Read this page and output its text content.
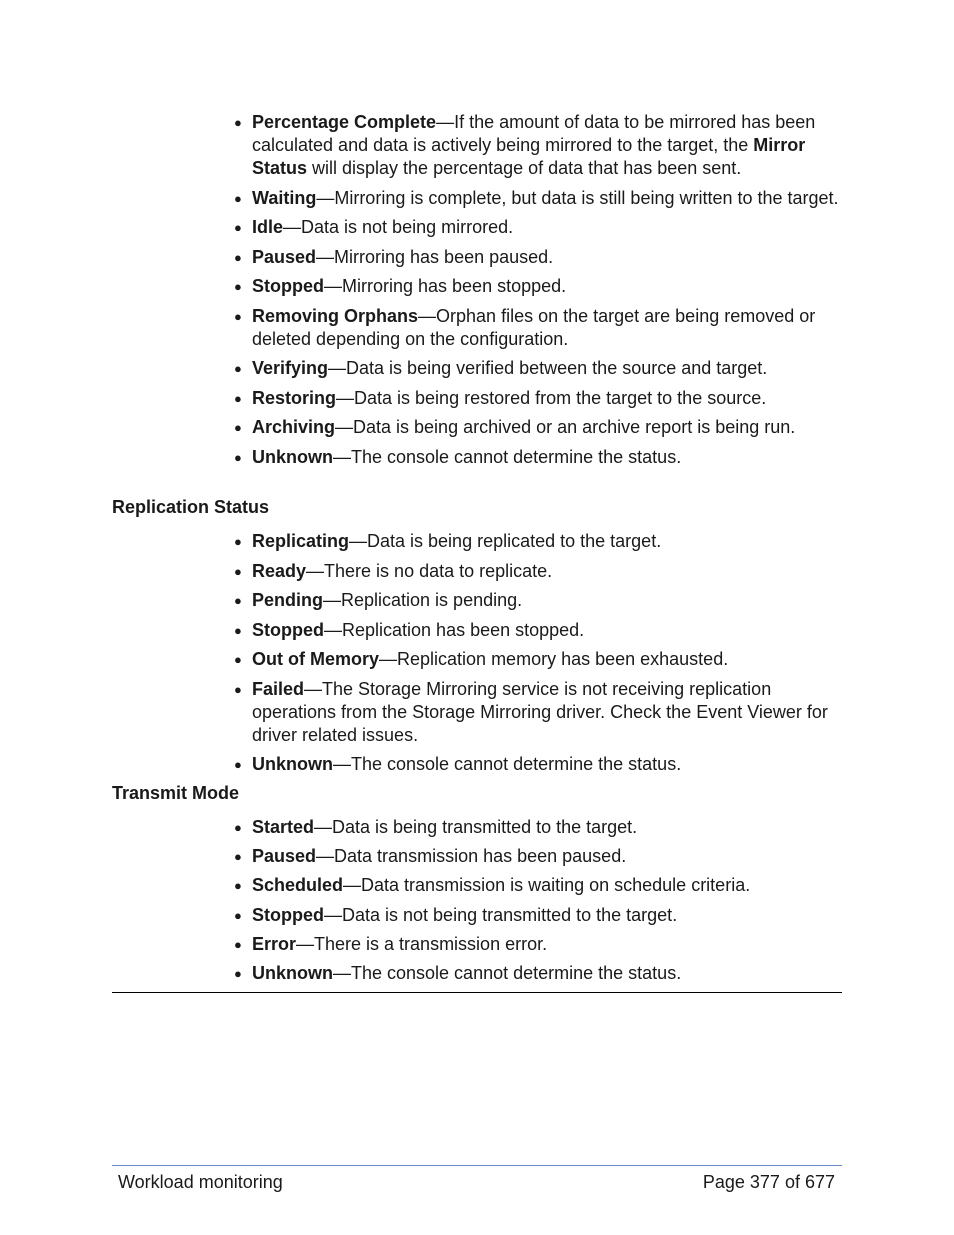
● Percentage Complete—If the amount of data to be mirrored has been calculated and data is actively being mirrored to the target, the Mirror Status will display the percentage of data that has been sent.
● Waiting—Mirroring is complete, but data is still being written to the target.
● Idle—Data is not being mirrored.
● Paused—Mirroring has been paused.
● Stopped—Mirroring has been stopped.
● Removing Orphans—Orphan files on the target are being removed or deleted depending on the configuration.
● Verifying—Data is being verified between the source and target.
● Restoring—Data is being restored from the target to the source.
● Archiving—Data is being archived or an archive report is being run.
● Unknown—The console cannot determine the status.
Replication Status
● Replicating—Data is being replicated to the target.
● Ready—There is no data to replicate.
● Pending—Replication is pending.
● Stopped—Replication has been stopped.
● Out of Memory—Replication memory has been exhausted.
● Failed—The Storage Mirroring service is not receiving replication operations from the Storage Mirroring driver. Check the Event Viewer for driver related issues.
● Unknown—The console cannot determine the status.
Transmit Mode
● Started—Data is being transmitted to the target.
● Paused—Data transmission has been paused.
● Scheduled—Data transmission is waiting on schedule criteria.
● Stopped—Data is not being transmitted to the target.
● Error—There is a transmission error.
● Unknown—The console cannot determine the status.
Workload monitoring	Page 377 of 677
